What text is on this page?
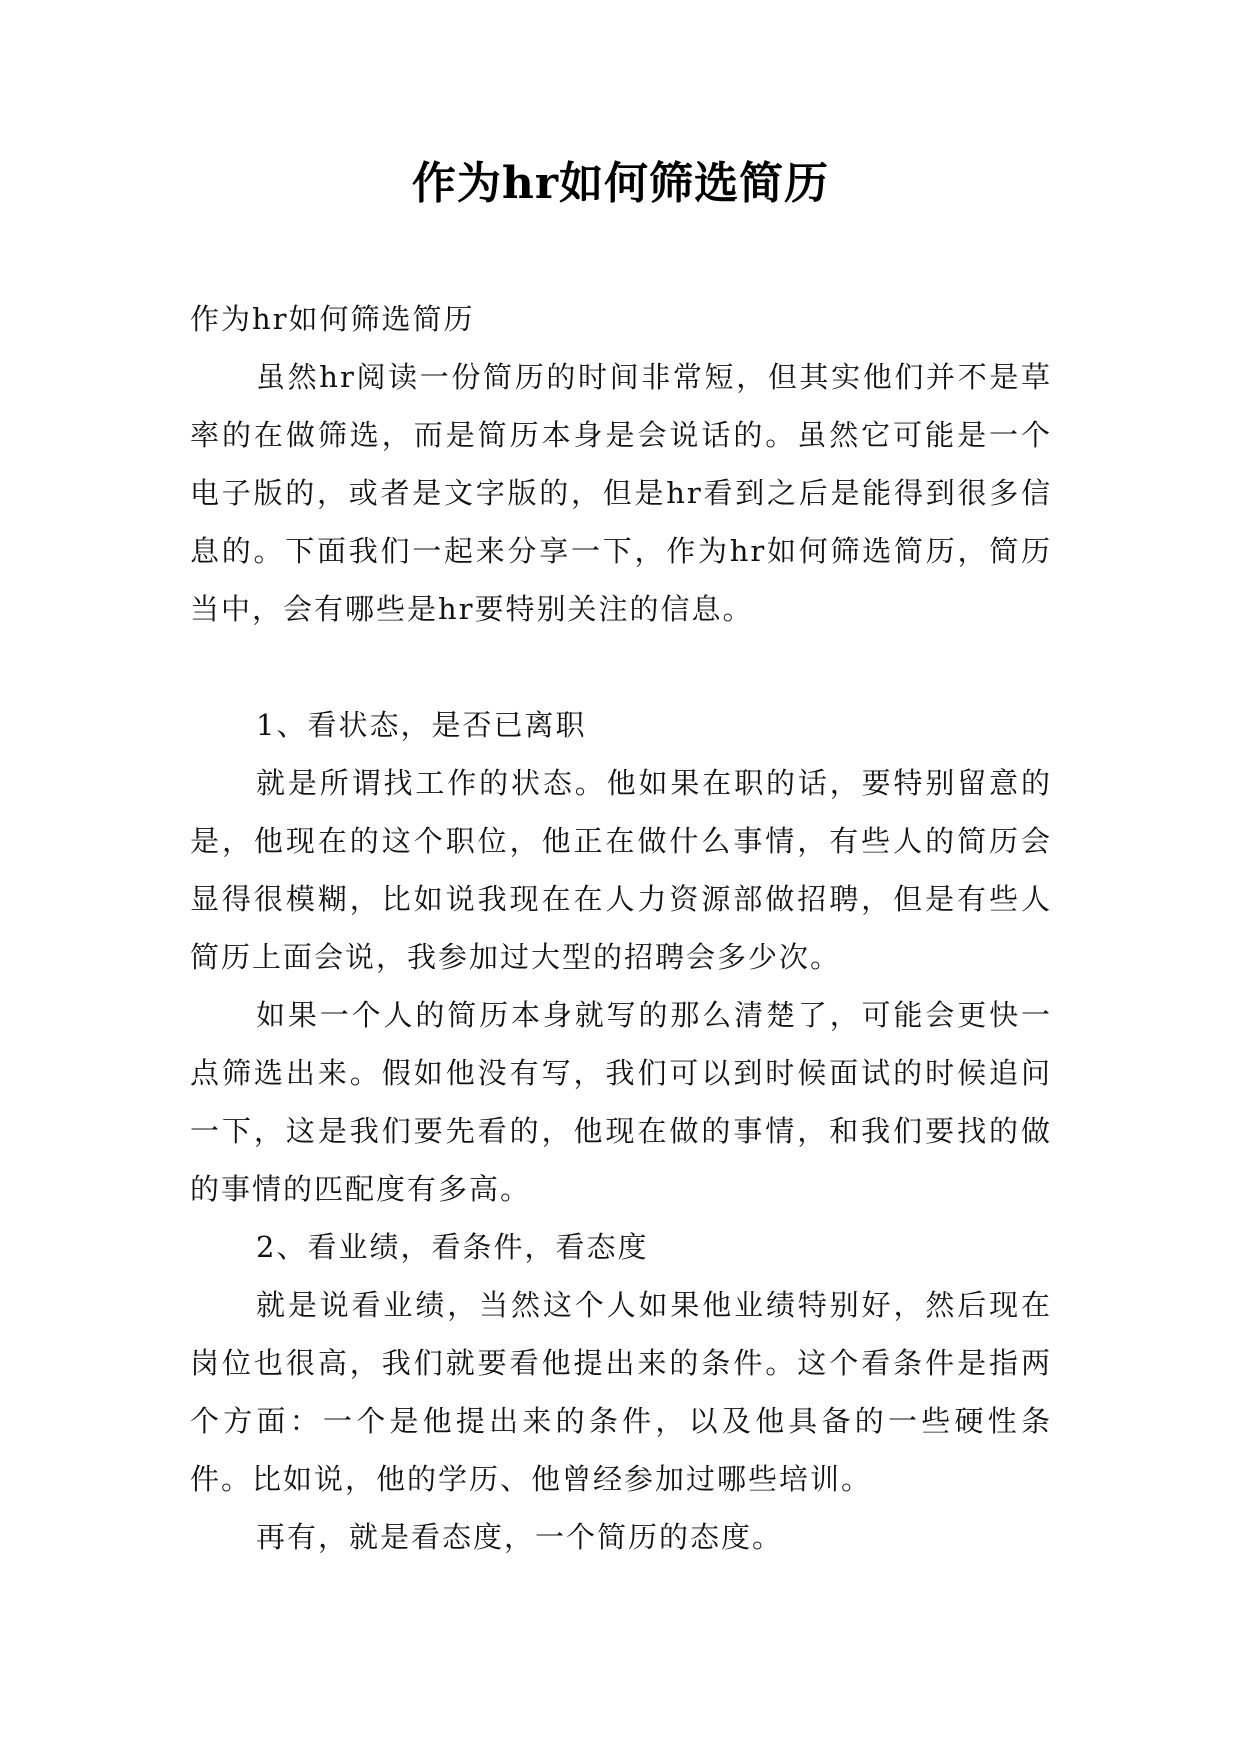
作为hr如何筛选简历

作为hr如何筛选简历

虽然hr阅读一份简历的时间非常短，但其实他们并不是草率的在做筛选，而是简历本身是会说话的。虽然它可能是一个电子版的，或者是文字版的，但是hr看到之后是能得到很多信息的。下面我们一起来分享一下，作为hr如何筛选简历，简历当中，会有哪些是hr要特别关注的信息。

1、看状态，是否已离职

就是所谓找工作的状态。他如果在职的话，要特别留意的是，他现在的这个职位，他正在做什么事情，有些人的简历会显得很模糊，比如说我现在在人力资源部做招聘，但是有些人简历上面会说，我参加过大型的招聘会多少次。

如果一个人的简历本身就写的那么清楚了，可能会更快一点筛选出来。假如他没有写，我们可以到时候面试的时候追问一下，这是我们要先看的，他现在做的事情，和我们要找的做的事情的匹配度有多高。

2、看业绩，看条件，看态度

就是说看业绩，当然这个人如果他业绩特别好，然后现在岗位也很高，我们就要看他提出来的条件。这个看条件是指两个方面：一个是他提出来的条件，以及他具备的一些硬性条件。比如说，他的学历、他曾经参加过哪些培训。

再有，就是看态度，一个简历的态度。
